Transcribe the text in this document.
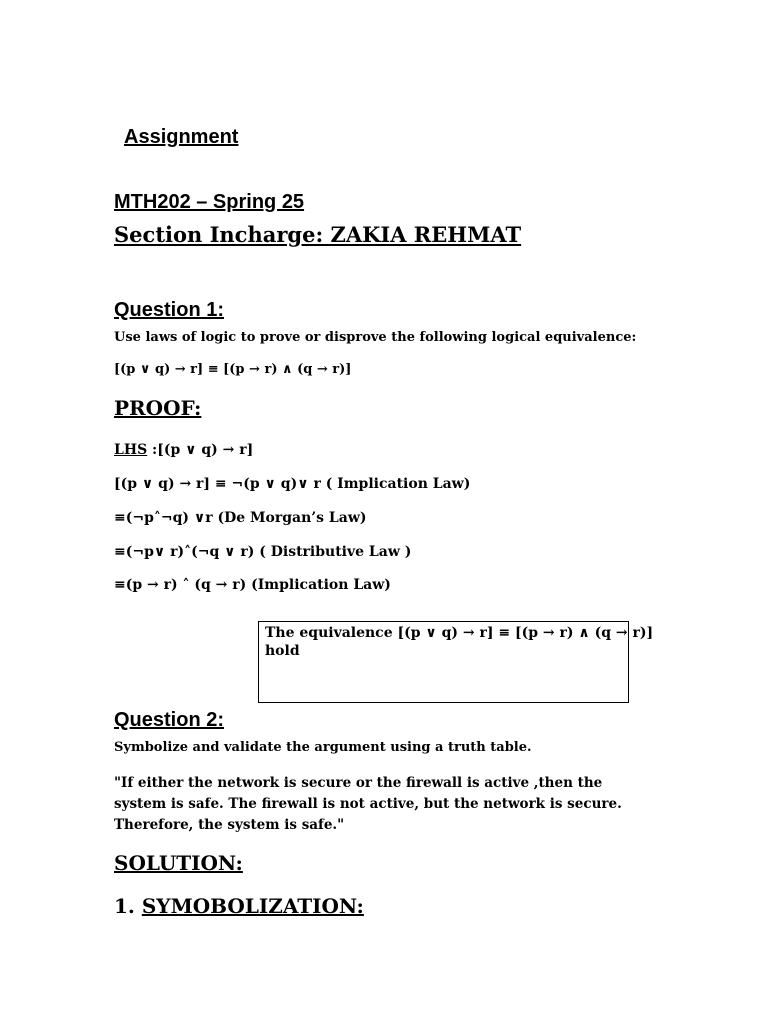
Assignment
MTH202 – Spring 25
Section Incharge: ZAKIA REHMAT
Question 1:
Use laws of logic to prove or disprove the following logical equivalence:
[(p ∨ q) → r] ≡ [(p → r) ∧ (q → r)]
PROOF:
LHS :[(p ∨ q) → r]
[(p ∨ q) → r] ≡ ¬(p ∨ q)∨ r ( Implication Law)
≡(¬p˄¬q) ∨r (De Morgan’s Law)
≡(¬p∨ r)˄(¬q ∨ r) ( Distributive Law )
≡(p → r) ˄ (q → r) (Implication Law)
The equivalence [(p ∨ q) → r] ≡ [(p → r) ∧ (q → r)]
hold
Question 2:
Symbolize and validate the argument using a truth table.
"If either the network is secure or the firewall is active ,then the system is safe. The firewall is not active, but the network is secure. Therefore, the system is safe."
SOLUTION:
1. SYMOBOLIZATION:
